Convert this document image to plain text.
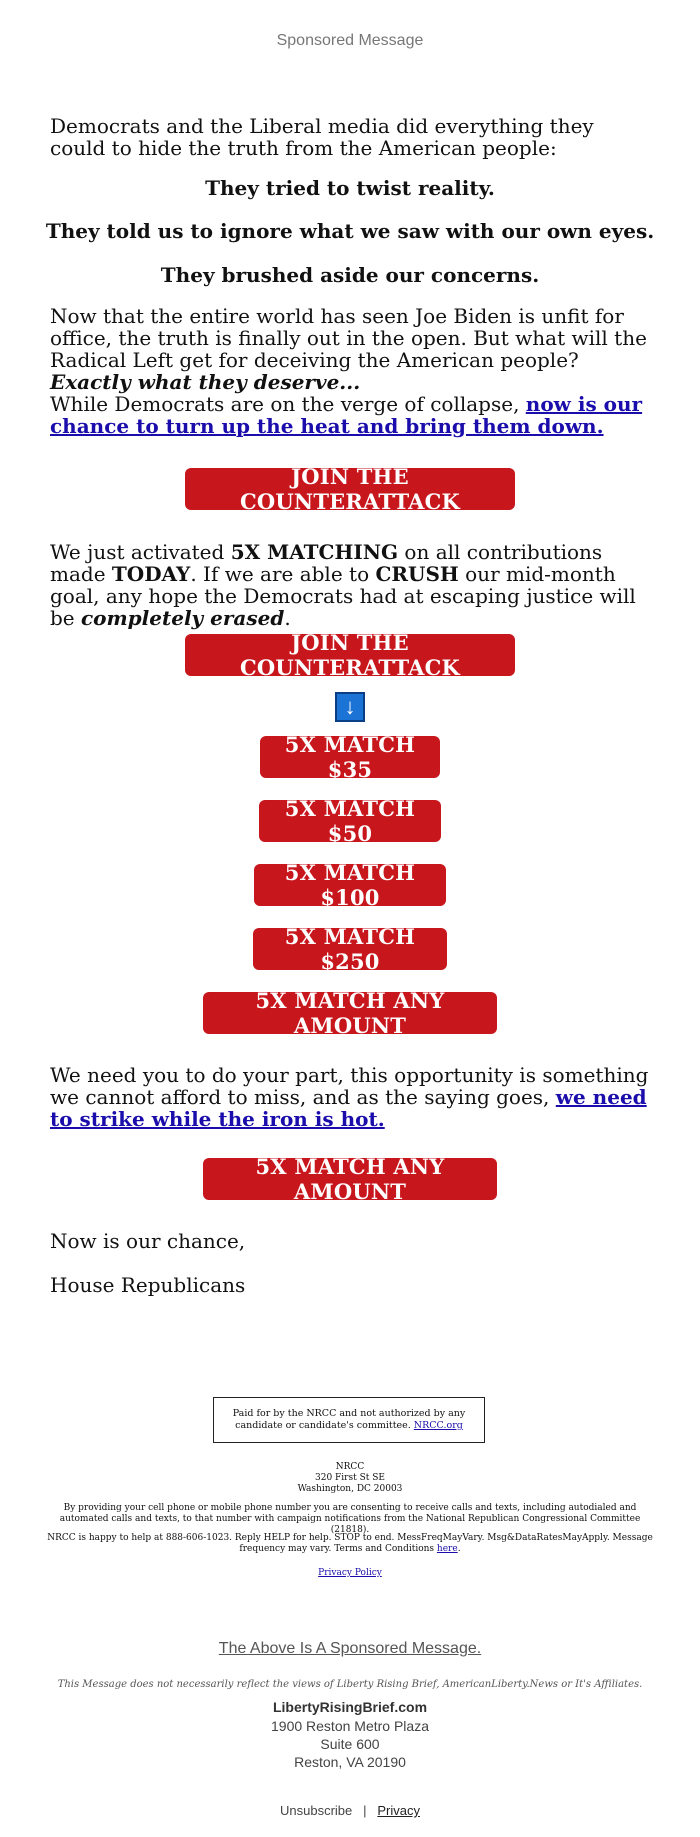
Sponsored Message

Democrats and the Liberal media did everything they could to hide the truth from the American people:

They tried to twist reality.
They told us to ignore what we saw with our own eyes.
They brushed aside our concerns.

Now that the entire world has seen Joe Biden is unfit for office, the truth is finally out in the open. But what will the Radical Left get for deceiving the American people? Exactly what they deserve...

While Democrats are on the verge of collapse, now is our chance to turn up the heat and bring them down.

JOIN THE COUNTERATTACK

We just activated 5X MATCHING on all contributions made TODAY. If we are able to CRUSH our mid-month goal, any hope the Democrats had at escaping justice will be completely erased.

JOIN THE COUNTERATTACK
↓
5X MATCH $35
5X MATCH $50
5X MATCH $100
5X MATCH $250
5X MATCH ANY AMOUNT

We need you to do your part, this opportunity is something we cannot afford to miss, and as the saying goes, we need to strike while the iron is hot.

5X MATCH ANY AMOUNT

Now is our chance,

House Republicans

Paid for by the NRCC and not authorized by any candidate or candidate's committee. NRCC.org
NRCC
320 First St SE
Washington, DC 20003
By providing your cell phone or mobile phone number you are consenting to receive calls and texts, including autodialed and automated calls and texts, to that number with campaign notifications from the National Republican Congressional Committee (21818).
NRCC is happy to help at 888-606-1023. Reply HELP for help. STOP to end. MessFreqMayVary. Msg&DataRatesMayApply. Message frequency may vary. Terms and Conditions here.
Privacy Policy
The Above Is A Sponsored Message.
This Message does not necessarily reflect the views of Liberty Rising Brief, AmericanLiberty.News or It's Affiliates.
LibertyRisingBrief.com
1900 Reston Metro Plaza
Suite 600
Reston, VA 20190
Unsubscribe | Privacy
